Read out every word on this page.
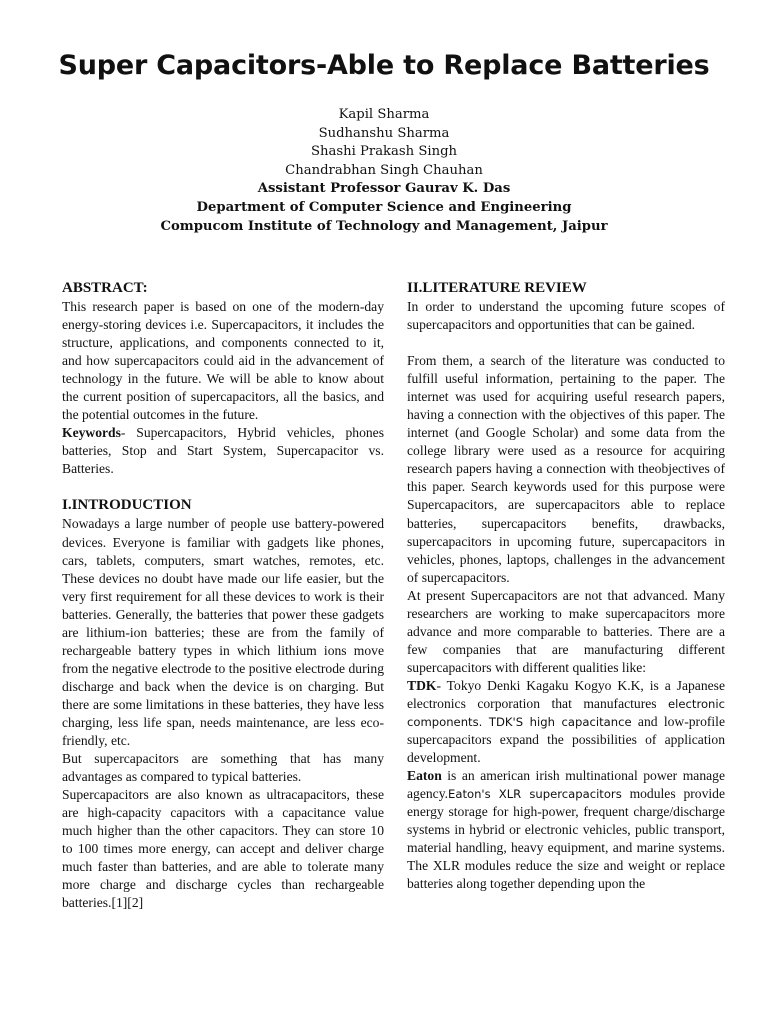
Super Capacitors-Able to Replace Batteries
Kapil Sharma
Sudhanshu Sharma
Shashi Prakash Singh
Chandrabhan Singh Chauhan
Assistant Professor Gaurav K. Das
Department of Computer Science and Engineering
Compucom Institute of Technology and Management, Jaipur
ABSTRACT:

This research paper is based on one of the modern-day energy-storing devices i.e. Supercapacitors, it includes the structure, applications, and components connected to it, and how supercapacitors could aid in the advancement of technology in the future. We will be able to know about the current position of supercapacitors, all the basics, and the potential outcomes in the future.

Keywords- Supercapacitors, Hybrid vehicles, phones batteries, Stop and Start System, Supercapacitor vs. Batteries.

I.INTRODUCTION

Nowadays a large number of people use battery-powered devices. Everyone is familiar with gadgets like phones, cars, tablets, computers, smart watches, remotes, etc. These devices no doubt have made our life easier, but the very first requirement for all these devices to work is their batteries. Generally, the batteries that power these gadgets are lithium-ion batteries; these are from the family of rechargeable battery types in which lithium ions move from the negative electrode to the positive electrode during discharge and back when the device is on charging. But there are some limitations in these batteries, they have less charging, less life span, needs maintenance, are less eco-friendly, etc.

But supercapacitors are something that has many advantages as compared to typical batteries.

Supercapacitors are also known as ultracapacitors, these are high-capacity capacitors with a capacitance value much higher than the other capacitors. They can store 10 to 100 times more energy, can accept and deliver charge much faster than batteries, and are able to tolerate many more charge and discharge cycles than rechargeable batteries.[1][2]

II.LITERATURE REVIEW

In order to understand the upcoming future scopes of supercapacitors and opportunities that can be gained.

From them, a search of the literature was conducted to fulfill useful information, pertaining to the paper. The internet was used for acquiring useful research papers, having a connection with the objectives of this paper. The internet (and Google Scholar) and some data from the college library were used as a resource for acquiring research papers having a connection with theobjectives of this paper. Search keywords used for this purpose were Supercapacitors, are supercapacitors able to replace batteries, supercapacitors benefits, drawbacks, supercapacitors in upcoming future, supercapacitors in vehicles, phones, laptops, challenges in the advancement of supercapacitors.

At present Supercapacitors are not that advanced. Many researchers are working to make supercapacitors more advance and more comparable to batteries. There are a few companies that are manufacturing different supercapacitors with different qualities like:

TDK- Tokyo Denki Kagaku Kogyo K.K, is a Japanese electronics corporation that manufactures electronic components. TDK'S high capacitance and low-profile supercapacitors expand the possibilities of application development.

Eaton is an american irish multinational power manage agency.Eaton's XLR supercapacitors modules provide energy storage for high-power, frequent charge/discharge systems in hybrid or electronic vehicles, public transport, material handling, heavy equipment, and marine systems. The XLR modules reduce the size and weight or replace batteries along together depending upon the
